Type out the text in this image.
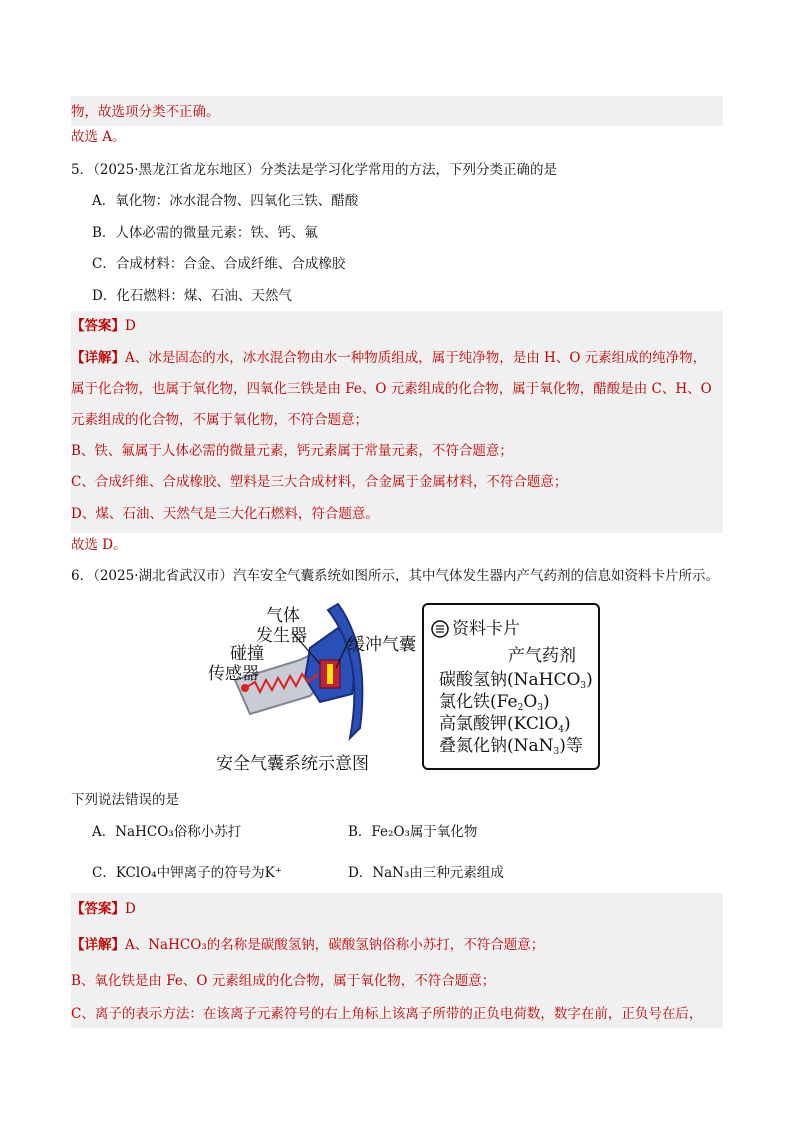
物，故选项分类不正确。
故选 A。
5．（2025·黑龙江省龙东地区）分类法是学习化学常用的方法，下列分类正确的是
A．氧化物：冰水混合物、四氧化三铁、醋酸
B．人体必需的微量元素：铁、钙、氟
C．合成材料：合金、合成纤维、合成橡胶
D．化石燃料：煤、石油、天然气
【答案】D
【详解】A、冰是固态的水，冰水混合物由水一种物质组成，属于纯净物，是由 H、O 元素组成的纯净物，
属于化合物，也属于氧化物，四氧化三铁是由 Fe、O 元素组成的化合物，属于氧化物，醋酸是由 C、H、O
元素组成的化合物，不属于氧化物，不符合题意；
B、铁、氟属于人体必需的微量元素，钙元素属于常量元素，不符合题意；
C、合成纤维、合成橡胶、塑料是三大合成材料，合金属于金属材料，不符合题意；
D、煤、石油、天然气是三大化石燃料，符合题意。
故选 D。
6．（2025·湖北省武汉市）汽车安全气囊系统如图所示，其中气体发生器内产气药剂的信息如资料卡片所示。
气体
发生器 缓冲气囊
碰撞
传感器
安全气囊系统示意图
资料卡片
产气药剂
碳酸氢钠(NaHCO$_3$)
氯化铁$(Fe_2O_3)$
高氯酸钾(KClO$_4$)
叠氮化钠(NaN$_3$)等
下列说法错误的是
A．NaHCO₃俗称小苏打	B．Fe₂O₃属于氧化物
C．KClO₄中钾离子的符号为K⁺	D．NaN₃由三种元素组成
【答案】D
【详解】A、NaHCO₃的名称是碳酸氢钠，碳酸氢钠俗称小苏打，不符合题意；
B、氧化铁是由 Fe、O 元素组成的化合物，属于氧化物，不符合题意；
C、离子的表示方法：在该离子元素符号的右上角标上该离子所带的正负电荷数，数字在前，正负号在后，
